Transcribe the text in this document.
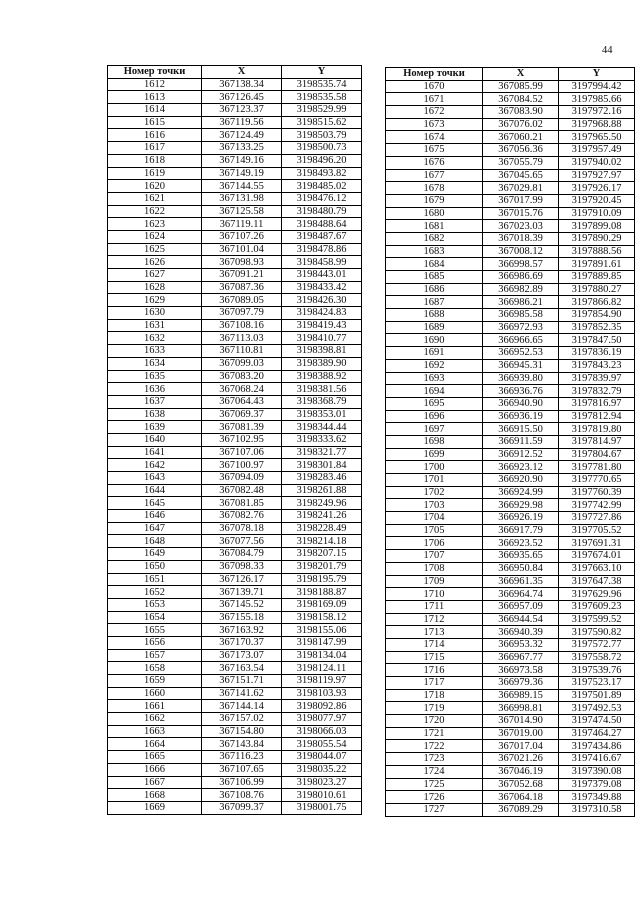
44
Номер точки	X	Y
1612	367138.34	3198535.74
1613	367126.45	3198535.58
1614	367123.37	3198529.99
1615	367119.56	3198515.62
1616	367124.49	3198503.79
1617	367133.25	3198500.73
1618	367149.16	3198496.20
1619	367149.19	3198493.82
1620	367144.55	3198485.02
1621	367131.98	3198476.12
1622	367125.58	3198480.79
1623	367119.11	3198488.64
1624	367107.26	3198487.67
1625	367101.04	3198478.86
1626	367098.93	3198458.99
1627	367091.21	3198443.01
1628	367087.36	3198433.42
1629	367089.05	3198426.30
1630	367097.79	3198424.83
1631	367108.16	3198419.43
1632	367113.03	3198410.77
1633	367110.81	3198398.81
1634	367099.03	3198389.90
1635	367083.20	3198388.92
1636	367068.24	3198381.56
1637	367064.43	3198368.79
1638	367069.37	3198353.01
1639	367081.39	3198344.44
1640	367102.95	3198333.62
1641	367107.06	3198321.77
1642	367100.97	3198301.84
1643	367094.09	3198283.46
1644	367082.48	3198261.88
1645	367081.85	3198249.96
1646	367082.76	3198241.26
1647	367078.18	3198228.49
1648	367077.56	3198214.18
1649	367084.79	3198207.15
1650	367098.33	3198201.79
1651	367126.17	3198195.79
1652	367139.71	3198188.87
1653	367145.52	3198169.09
1654	367155.18	3198158.12
1655	367163.92	3198155.06
1656	367170.37	3198147.99
1657	367173.07	3198134.04
1658	367163.54	3198124.11
1659	367151.71	3198119.97
1660	367141.62	3198103.93
1661	367144.14	3198092.86
1662	367157.02	3198077.97
1663	367154.80	3198066.03
1664	367143.84	3198055.54
1665	367116.23	3198044.07
1666	367107.65	3198035.22
1667	367106.99	3198023.27
1668	367108.76	3198010.61
1669	367099.37	3198001.75
Номер точки	X	Y
1670	367085.99	3197994.42
1671	367084.52	3197985.66
1672	367083.90	3197972.16
1673	367076.02	3197968.88
1674	367060.21	3197965.50
1675	367056.36	3197957.49
1676	367055.79	3197940.02
1677	367045.65	3197927.97
1678	367029.81	3197926.17
1679	367017.99	3197920.45
1680	367015.76	3197910.09
1681	367023.03	3197899.08
1682	367018.39	3197890.29
1683	367008.12	3197888.56
1684	366998.57	3197891.61
1685	366986.69	3197889.85
1686	366982.89	3197880.27
1687	366986.21	3197866.82
1688	366985.58	3197854.90
1689	366972.93	3197852.35
1690	366966.65	3197847.50
1691	366952.53	3197836.19
1692	366945.31	3197843.23
1693	366939.80	3197839.97
1694	366936.76	3197832.79
1695	366940.90	3197816.97
1696	366936.19	3197812.94
1697	366915.50	3197819.80
1698	366911.59	3197814.97
1699	366912.52	3197804.67
1700	366923.12	3197781.80
1701	366920.90	3197770.65
1702	366924.99	3197760.39
1703	366929.98	3197742.99
1704	366926.19	3197727.86
1705	366917.79	3197705.52
1706	366923.52	3197691.31
1707	366935.65	3197674.01
1708	366950.84	3197663.10
1709	366961.35	3197647.38
1710	366964.74	3197629.96
1711	366957.09	3197609.23
1712	366944.54	3197599.52
1713	366940.39	3197590.82
1714	366953.32	3197572.77
1715	366967.77	3197558.72
1716	366973.58	3197539.76
1717	366979.36	3197523.17
1718	366989.15	3197501.89
1719	366998.81	3197492.53
1720	367014.90	3197474.50
1721	367019.00	3197464.27
1722	367017.04	3197434.86
1723	367021.26	3197416.67
1724	367046.19	3197390.08
1725	367052.68	3197379.08
1726	367064.18	3197349.88
1727	367089.29	3197310.58
